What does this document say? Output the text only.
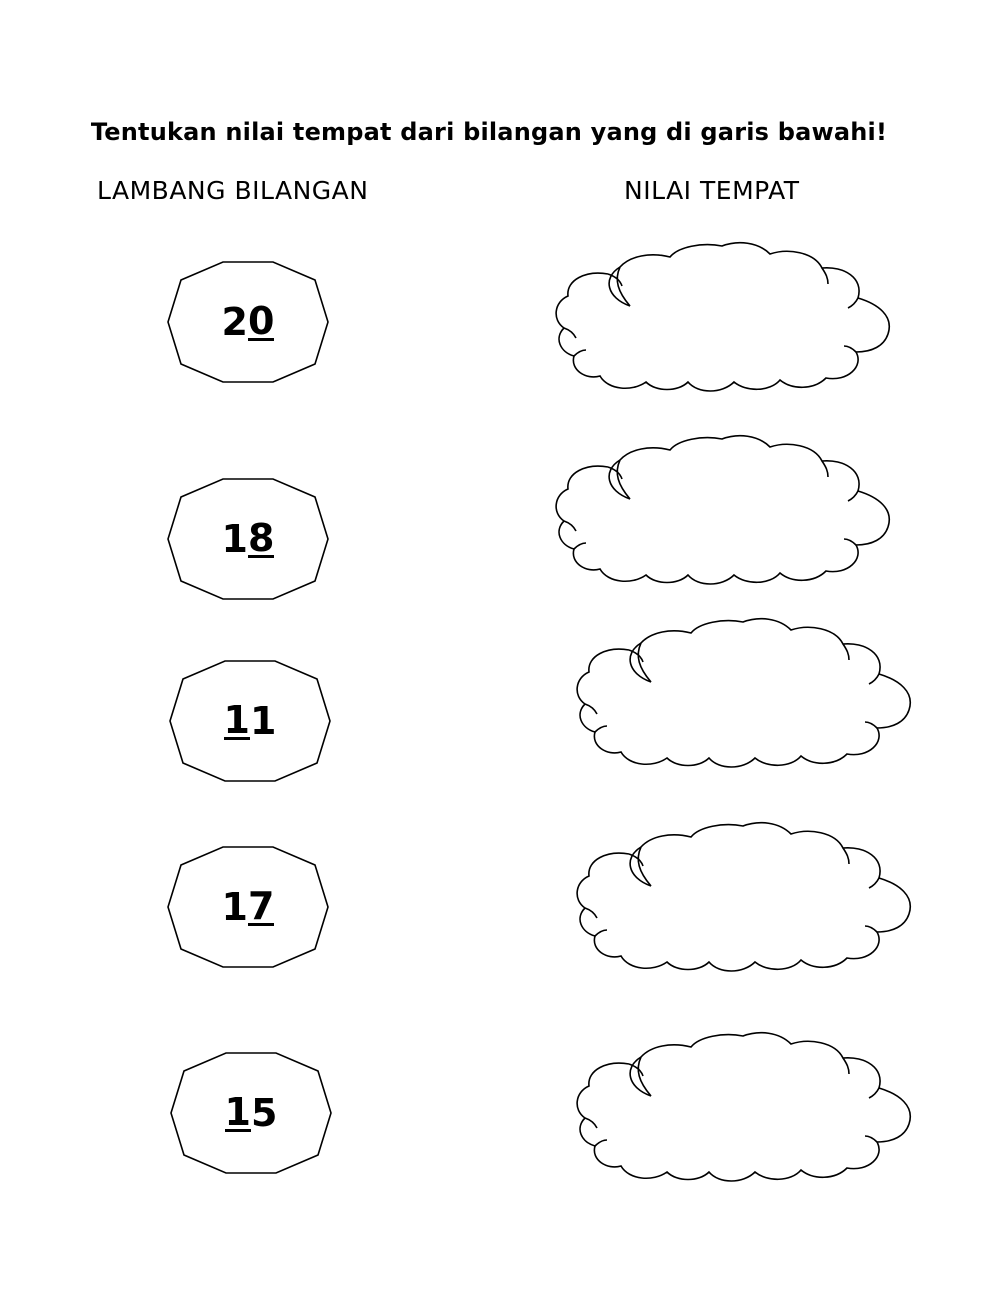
Tentukan nilai tempat dari bilangan yang di garis bawahi!
LAMBANG BILANGAN	NILAI TEMPAT
2 0
1 8
1 1
1 7
1 5
